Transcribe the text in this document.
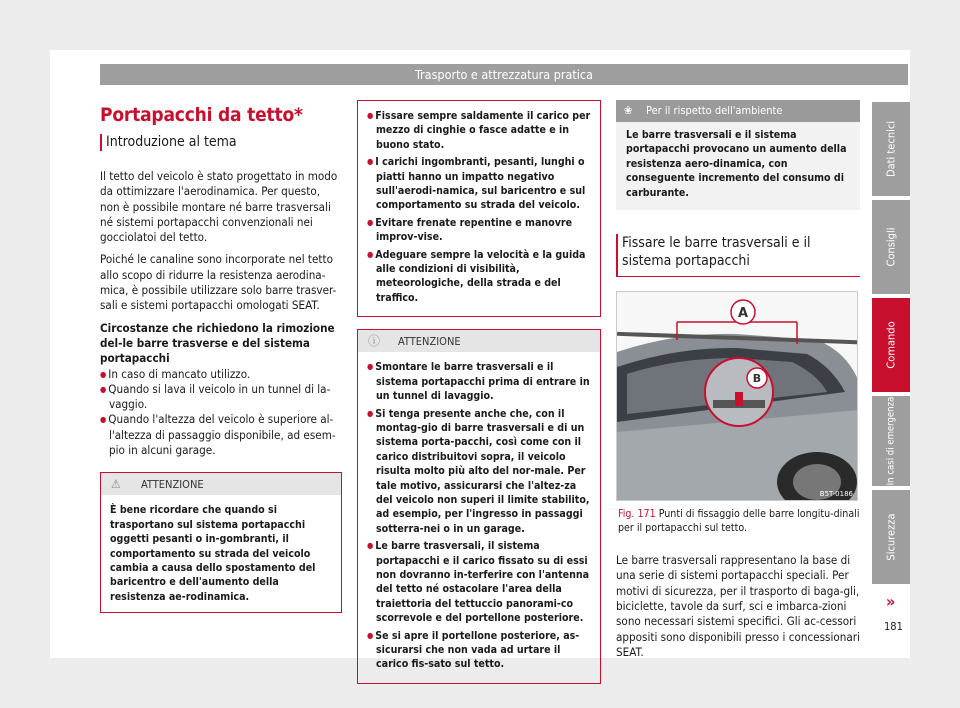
Trasporto e attrezzatura pratica
Portapacchi da tetto*
Introduzione al tema

Il tetto del veicolo è stato progettato in modo da ottimizzare l'aerodinamica. Per questo, non è possibile montare né barre trasversali né sistemi portapacchi convenzionali nei gocciolatoi del tetto.

Poiché le canaline sono incorporate nel tetto allo scopo di ridurre la resistenza aerodina-mica, è possibile utilizzare solo barre trasver-sali e sistemi portapacchi omologati SEAT.

Circostanze che richiedono la rimozione del-le barre trasverse e del sistema portapacchi
● In caso di mancato utilizzo.
● Quando si lava il veicolo in un tunnel di la-vaggio.
● Quando l'altezza del veicolo è superiore al-l'altezza di passaggio disponibile, ad esem-pio in alcuni garage.
⚠ ATTENZIONE
È bene ricordare che quando si trasportano sul sistema portapacchi oggetti pesanti o in-gombranti, il comportamento su strada del veicolo cambia a causa dello spostamento del baricentro e dell'aumento della resistenza ae-rodinamica.
● Fissare sempre saldamente il carico per mezzo di cinghie o fasce adatte e in buono stato.
● I carichi ingombranti, pesanti, lunghi o piatti hanno un impatto negativo sull'aerodi-namica, sul baricentro e sul comportamento su strada del veicolo.
● Evitare frenate repentine e manovre improv-vise.
● Adeguare sempre la velocità e la guida alle condizioni di visibilità, meteorologiche, della strada e del traffico.
ⓘ ATTENZIONE
● Smontare le barre trasversali e il sistema portapacchi prima di entrare in un tunnel di lavaggio.
● Si tenga presente anche che, con il montag-gio di barre trasversali e di un sistema porta-pacchi, così come con il carico distribuitovi sopra, il veicolo risulta molto più alto del nor-male. Per tale motivo, assicurarsi che l'altez-za del veicolo non superi il limite stabilito, ad esempio, per l'ingresso in passaggi sotterra-nei o in un garage.
● Le barre trasversali, il sistema portapacchi e il carico fissato su di essi non dovranno in-terferire con l'antenna del tetto né ostacolare l'area della traiettoria del tettuccio panorami-co scorrevole e del portellone posteriore.
● Se si apre il portellone posteriore, as-sicurarsi che non vada ad urtare il carico fis-sato sul tetto.
❀ Per il rispetto dell'ambiente
Le barre trasversali e il sistema portapacchi provocano un aumento della resistenza aero-dinamica, con conseguente incremento del consumo di carburante.
Fissare le barre trasversali e il sistema portapacchi
A
B
B5T-0186
Fig. 171 Punti di fissaggio delle barre longitu-dinali per il portapacchi sul tetto.
Le barre trasversali rappresentano la base di una serie di sistemi portapacchi speciali. Per motivi di sicurezza, per il trasporto di baga-gli, biciclette, tavole da surf, sci e imbarca-zioni sono necessari sistemi specifici. Gli ac-cessori appositi sono disponibili presso i concessionari SEAT.
Dati tecnici
Consigli
Comando
In casi di emergenza
Sicurezza
»
181
